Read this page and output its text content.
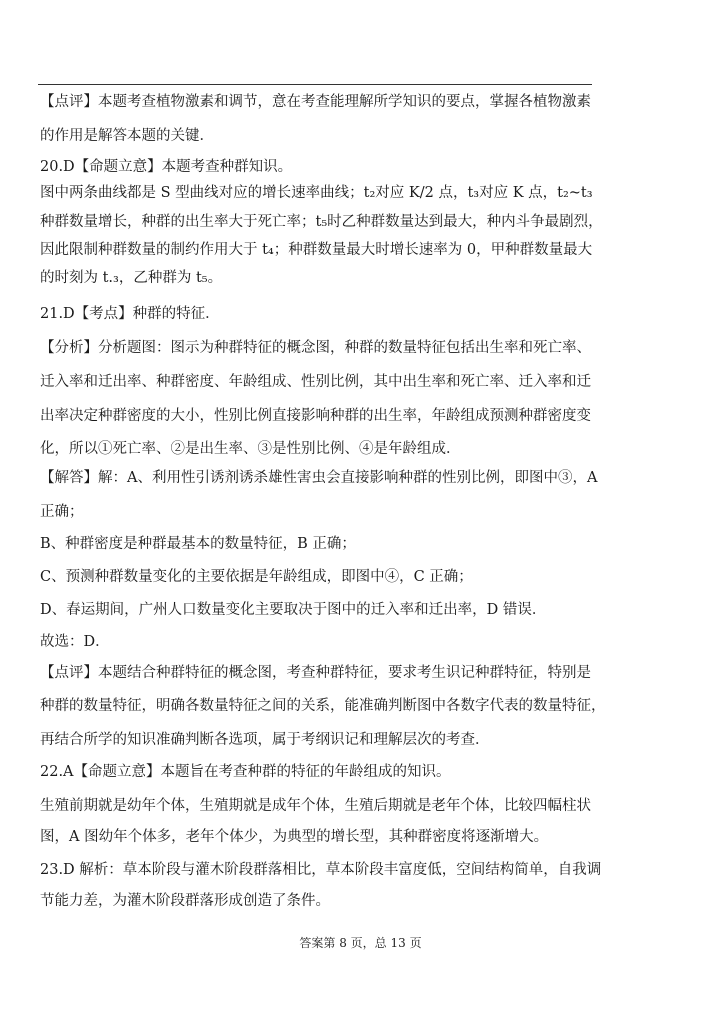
【点评】本题考查植物激素和调节，意在考查能理解所学知识的要点，掌握各植物激素
的作用是解答本题的关键．
20.D【命题立意】本题考查种群知识。
图中两条曲线都是 S 型曲线对应的增长速率曲线；t₂对应 K/2 点，t₃对应 K 点，t₂~t₃
种群数量增长，种群的出生率大于死亡率；t₅时乙种群数量达到最大，种内斗争最剧烈，
因此限制种群数量的制约作用大于 t₄；种群数量最大时增长速率为 0，甲种群数量最大
的时刻为 t.₃，乙种群为 t₅。
21.D【考点】种群的特征．
【分析】分析题图：图示为种群特征的概念图，种群的数量特征包括出生率和死亡率、
迁入率和迁出率、种群密度、年龄组成、性别比例，其中出生率和死亡率、迁入率和迁
出率决定种群密度的大小，性别比例直接影响种群的出生率，年龄组成预测种群密度变
化，所以①死亡率、②是出生率、③是性别比例、④是年龄组成．
【解答】解：A、利用性引诱剂诱杀雄性害虫会直接影响种群的性别比例，即图中③，A
正确；
B、种群密度是种群最基本的数量特征，B 正确；
C、预测种群数量变化的主要依据是年龄组成，即图中④，C 正确；
D、春运期间，广州人口数量变化主要取决于图中的迁入率和迁出率，D 错误．
故选：D．
【点评】本题结合种群特征的概念图，考查种群特征，要求考生识记种群特征，特别是
种群的数量特征，明确各数量特征之间的关系，能准确判断图中各数字代表的数量特征，
再结合所学的知识准确判断各选项，属于考纲识记和理解层次的考查．
22.A【命题立意】本题旨在考查种群的特征的年龄组成的知识。
生殖前期就是幼年个体，生殖期就是成年个体，生殖后期就是老年个体，比较四幅柱状
图，A 图幼年个体多，老年个体少，为典型的增长型，其种群密度将逐渐增大。
23.D 解析：草本阶段与灌木阶段群落相比，草本阶段丰富度低，空间结构简单，自我调
节能力差，为灌木阶段群落形成创造了条件。
答案第 8 页，总 13 页
